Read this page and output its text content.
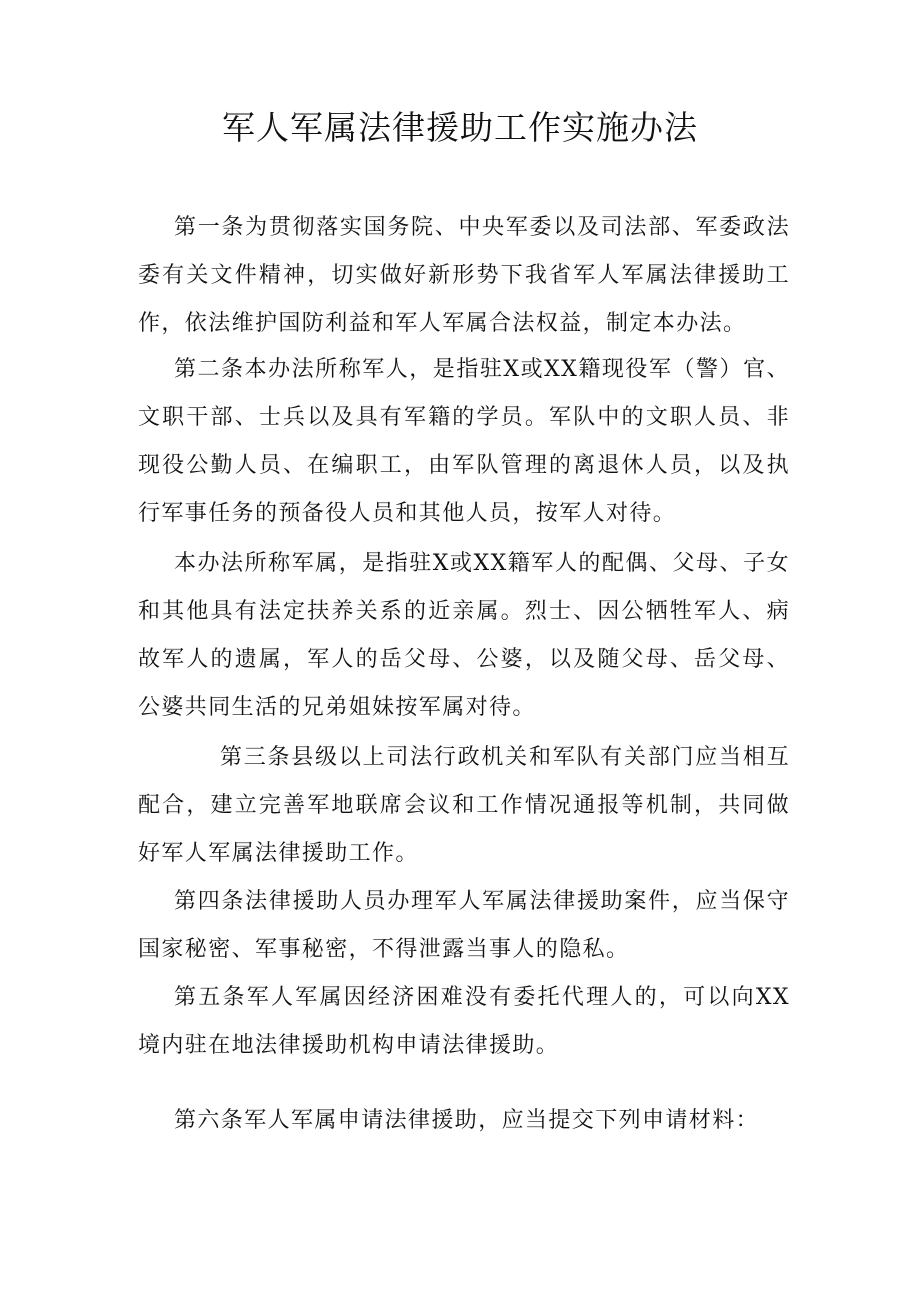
军人军属法律援助工作实施办法

第一条为贯彻落实国务院、中央军委以及司法部、军委政法委有关文件精神，切实做好新形势下我省军人军属法律援助工作，依法维护国防利益和军人军属合法权益，制定本办法。

第二条本办法所称军人，是指驻X或XX籍现役军（警）官、文职干部、士兵以及具有军籍的学员。军队中的文职人员、非现役公勤人员、在编职工，由军队管理的离退休人员，以及执行军事任务的预备役人员和其他人员，按军人对待。

本办法所称军属，是指驻X或XX籍军人的配偶、父母、子女和其他具有法定扶养关系的近亲属。烈士、因公牺牲军人、病故军人的遗属，军人的岳父母、公婆，以及随父母、岳父母、公婆共同生活的兄弟姐妹按军属对待。

第三条县级以上司法行政机关和军队有关部门应当相互配合，建立完善军地联席会议和工作情况通报等机制，共同做好军人军属法律援助工作。

第四条法律援助人员办理军人军属法律援助案件，应当保守国家秘密、军事秘密，不得泄露当事人的隐私。

第五条军人军属因经济困难没有委托代理人的，可以向XX境内驻在地法律援助机构申请法律援助。

第六条军人军属申请法律援助，应当提交下列申请材料：
